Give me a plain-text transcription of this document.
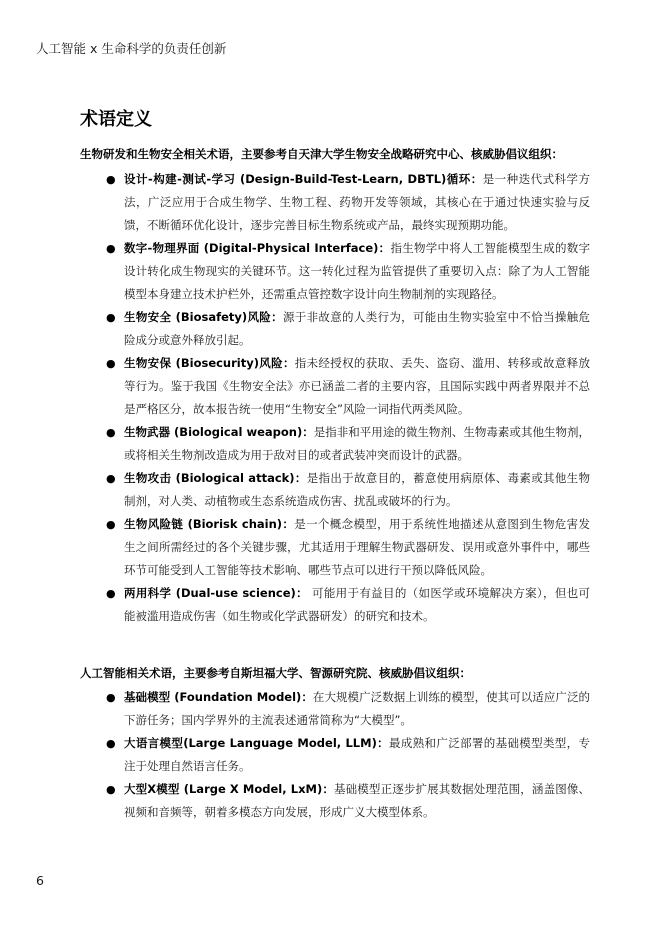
人工智能 x 生命科学的负责任创新
术语定义
生物研发和生物安全相关术语，主要参考自天津大学生物安全战略研究中心、核威胁倡议组织：
● 设计-构建-测试-学习 (Design-Build-Test-Learn, DBTL)循环：是一种迭代式科学方法，广泛应用于合成生物学、生物工程、药物开发等领域，其核心在于通过快速实验与反馈，不断循环优化设计，逐步完善目标生物系统或产品，最终实现预期功能。
● 数字-物理界面 (Digital-Physical Interface)：指生物学中将人工智能模型生成的数字设计转化成生物现实的关键环节。这一转化过程为监管提供了重要切入点：除了为人工智能模型本身建立技术护栏外，还需重点管控数字设计向生物制剂的实现路径。
● 生物安全 (Biosafety)风险：源于非故意的人类行为，可能由生物实验室中不恰当操触危险成分或意外释放引起。
● 生物安保 (Biosecurity)风险：指未经授权的获取、丢失、盗窃、滥用、转移或故意释放等行为。鉴于我国《生物安全法》亦已涵盖二者的主要内容，且国际实践中两者界限并不总是严格区分，故本报告统一使用“生物安全”风险一词指代两类风险。
● 生物武器 (Biological weapon)：是指非和平用途的微生物剂、生物毒素或其他生物剂，或将相关生物剂改造成为用于敌对目的或者武装冲突而设计的武器。
● 生物攻击 (Biological attack)：是指出于故意目的，蓄意使用病原体、毒素或其他生物制剂，对人类、动植物或生态系统造成伤害、扰乱或破坏的行为。
● 生物风险链 (Biorisk chain)：是一个概念模型，用于系统性地描述从意图到生物危害发生之间所需经过的各个关键步骤，尤其适用于理解生物武器研发、误用或意外事件中，哪些环节可能受到人工智能等技术影响、哪些节点可以进行干预以降低风险。
● 两用科学 (Dual-use science)： 可能用于有益目的（如医学或环境解决方案），但也可能被滥用造成伤害（如生物或化学武器研发）的研究和技术。
人工智能相关术语，主要参考自斯坦福大学、智源研究院、核威胁倡议组织：
● 基础模型 (Foundation Model)：在大规模广泛数据上训练的模型，使其可以适应广泛的下游任务；国内学界外的主流表述通常简称为“大模型”。
● 大语言模型(Large Language Model, LLM)：最成熟和广泛部署的基础模型类型，专注于处理自然语言任务。
● 大型X模型 (Large X Model, LxM)：基础模型正逐步扩展其数据处理范围，涵盖图像、视频和音频等，朝着多模态方向发展，形成广义大模型体系。
6
